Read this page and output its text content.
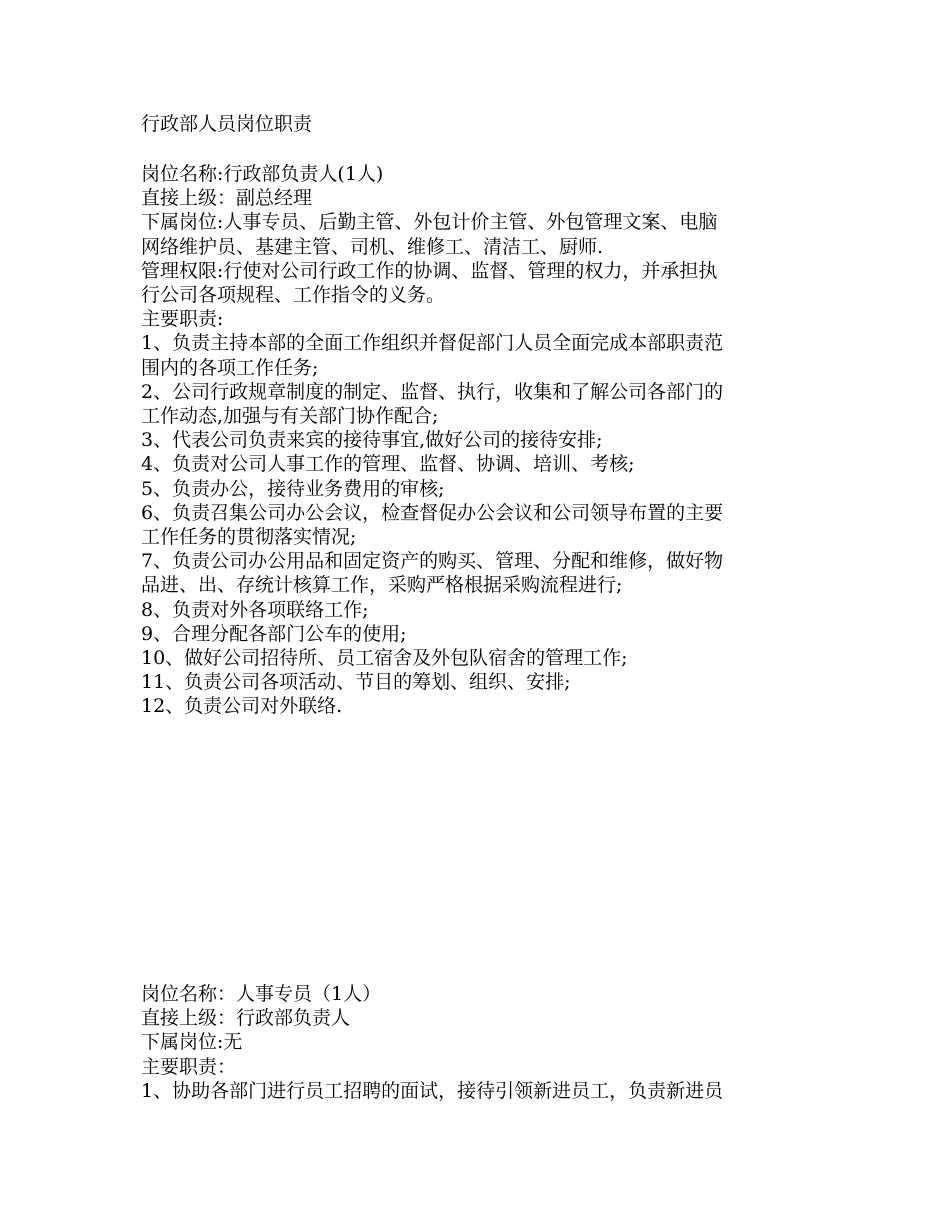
行政部人员岗位职责

岗位名称:行政部负责人(1人)

直接上级：副总经理

下属岗位:人事专员、后勤主管、外包计价主管、外包管理文案、电脑

网络维护员、基建主管、司机、维修工、清洁工、厨师.

管理权限:行使对公司行政工作的协调、监督、管理的权力，并承担执

行公司各项规程、工作指令的义务。

主要职责:

1、负责主持本部的全面工作组织并督促部门人员全面完成本部职责范

围内的各项工作任务;

2、公司行政规章制度的制定、监督、执行，收集和了解公司各部门的

工作动态,加强与有关部门协作配合;

3、代表公司负责来宾的接待事宜,做好公司的接待安排;

4、负责对公司人事工作的管理、监督、协调、培训、考核;

5、负责办公，接待业务费用的审核;

6、负责召集公司办公会议，检查督促办公会议和公司领导布置的主要

工作任务的贯彻落实情况;

7、负责公司办公用品和固定资产的购买、管理、分配和维修，做好物

品进、出、存统计核算工作，采购严格根据采购流程进行;

8、负责对外各项联络工作;

9、合理分配各部门公车的使用;

10、做好公司招待所、员工宿舍及外包队宿舍的管理工作;

11、负责公司各项活动、节目的筹划、组织、安排;

12、负责公司对外联络.

岗位名称：人事专员（1人）

直接上级：行政部负责人

下属岗位:无

主要职责：

1、协助各部门进行员工招聘的面试，接待引领新进员工，负责新进员
